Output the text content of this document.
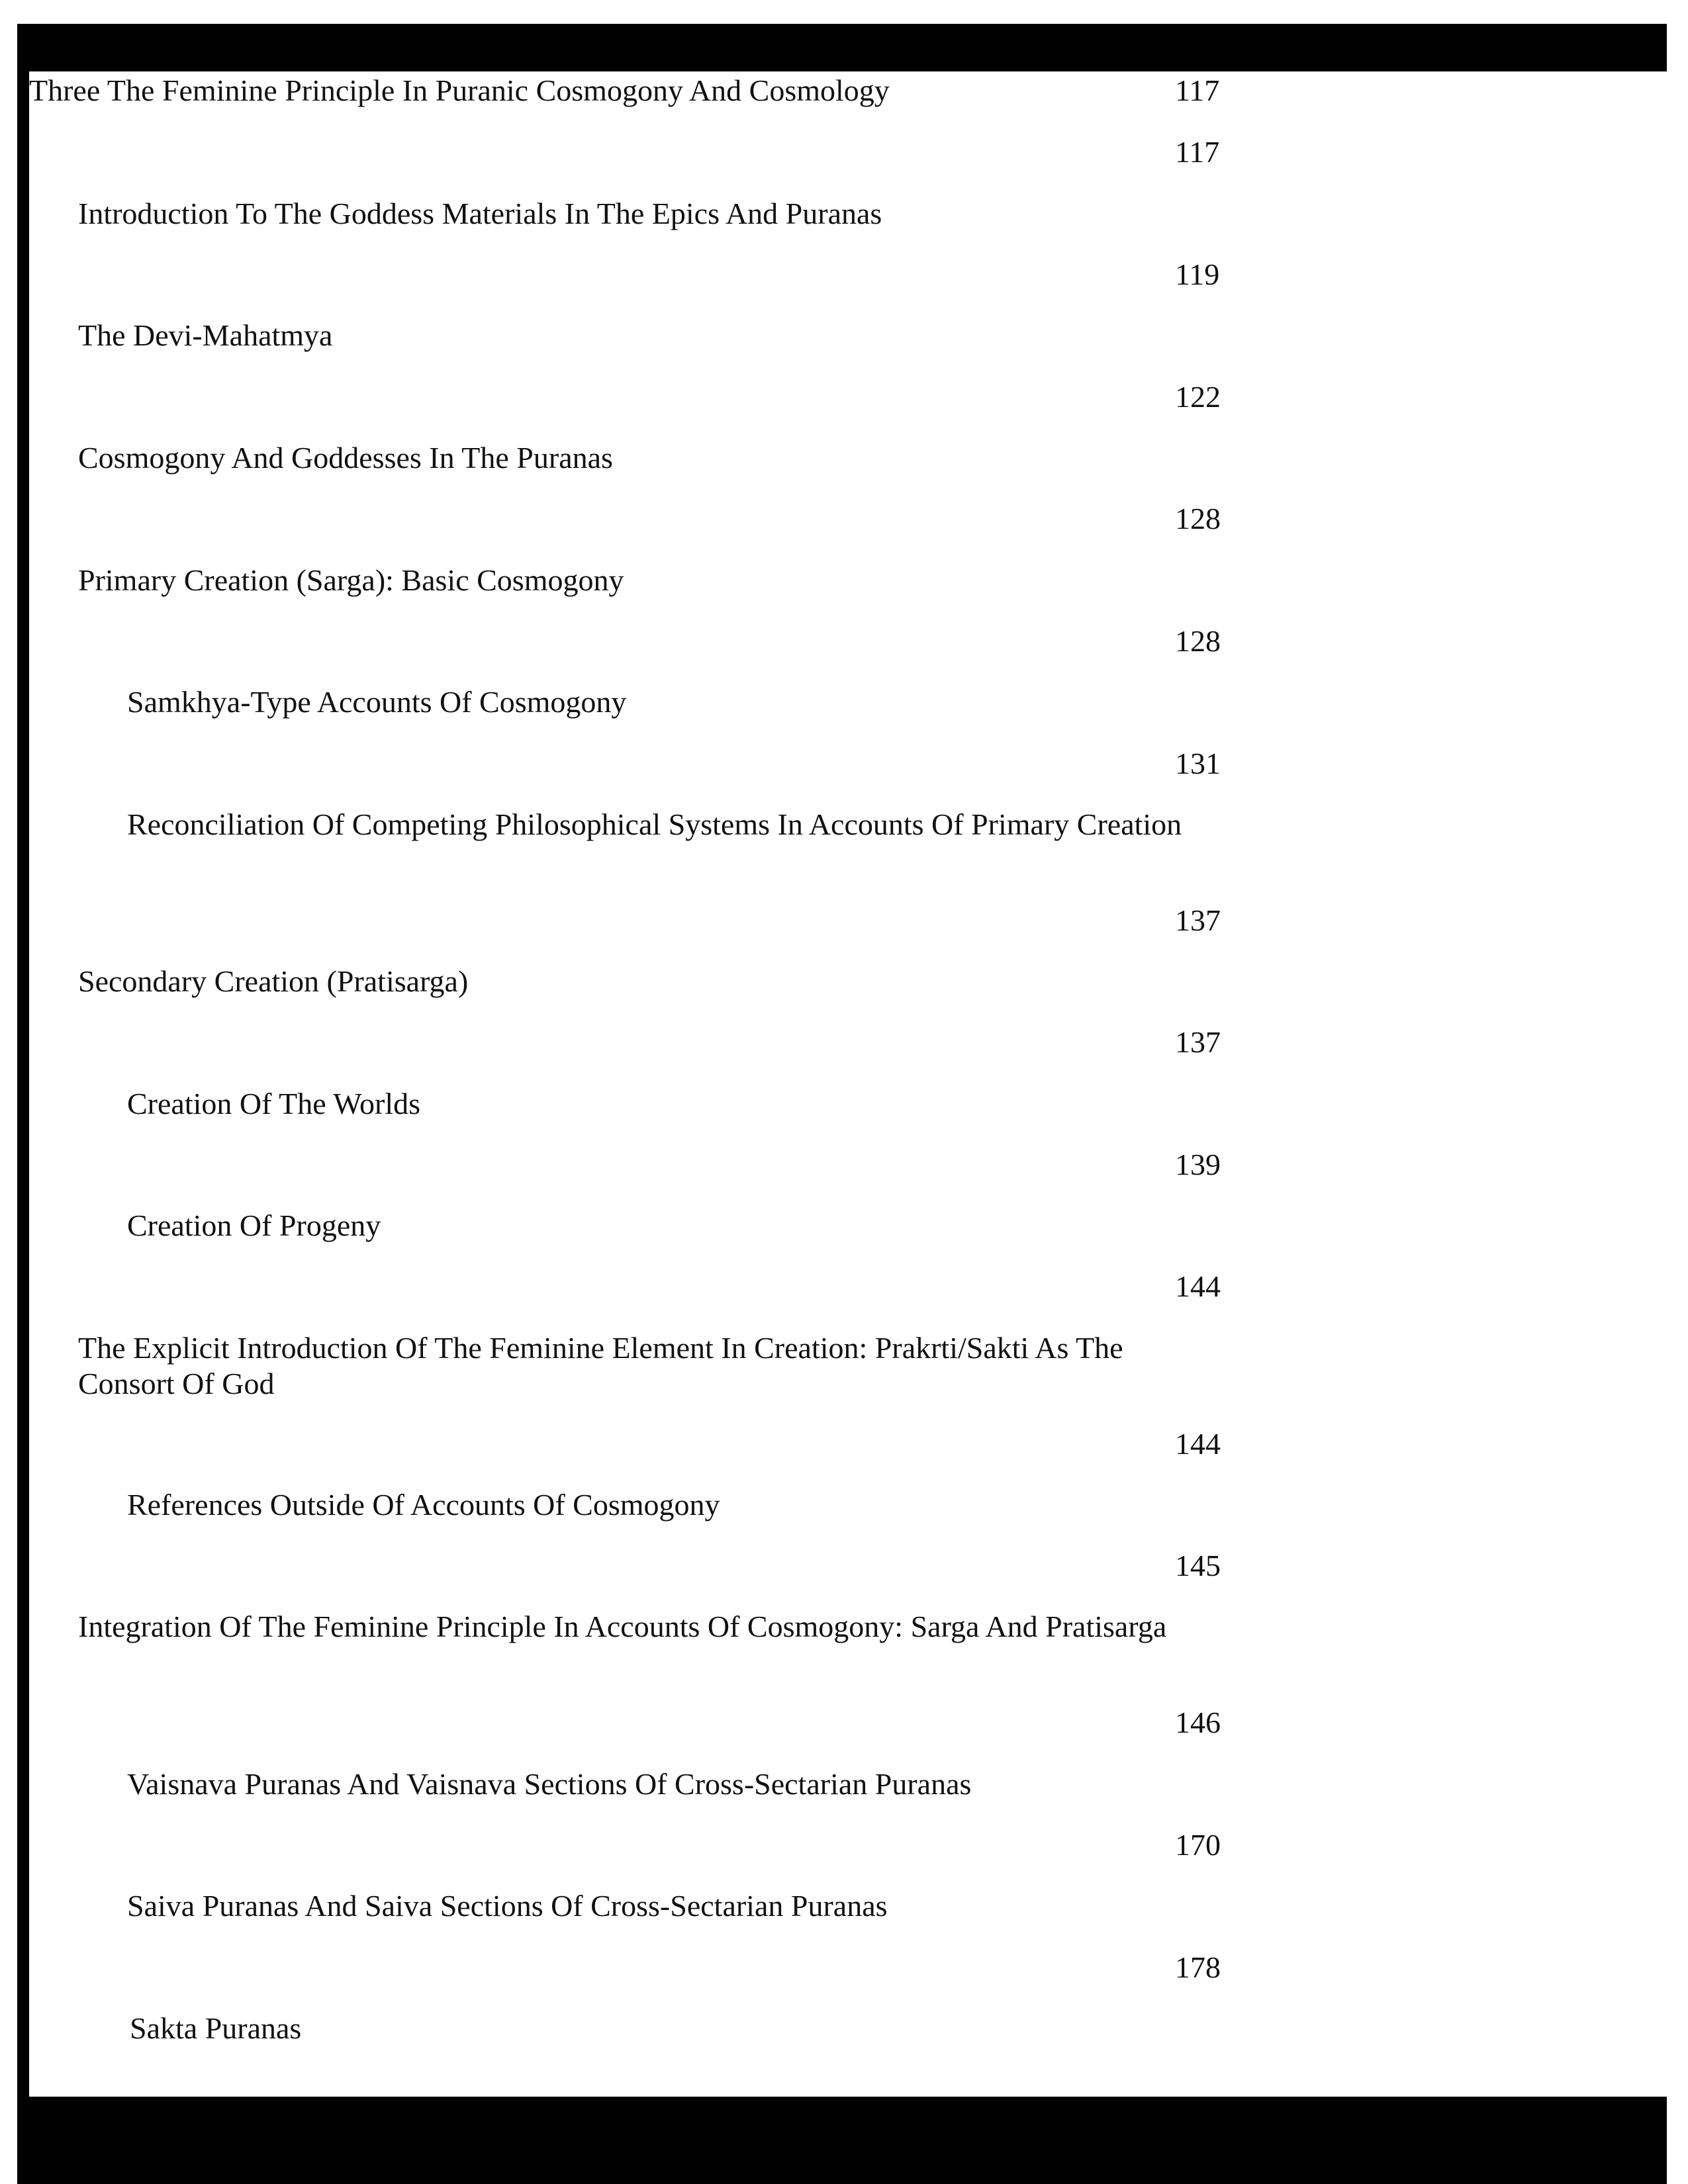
Three The Feminine Principle In Puranic Cosmogony And Cosmology	117
117
Introduction To The Goddess Materials In The Epics And Puranas
119
The Devi-Mahatmya
122
Cosmogony And Goddesses In The Puranas
128
Primary Creation (Sarga): Basic Cosmogony
128
Samkhya-Type Accounts Of Cosmogony
131
Reconciliation Of Competing Philosophical Systems In Accounts Of Primary Creation
137
Secondary Creation (Pratisarga)
137
Creation Of The Worlds
139
Creation Of Progeny
144
The Explicit Introduction Of The Feminine Element In Creation: Prakrti/Sakti As The Consort Of God
144
References Outside Of Accounts Of Cosmogony
145
Integration Of The Feminine Principle In Accounts Of Cosmogony: Sarga And Pratisarga
146
Vaisnava Puranas And Vaisnava Sections Of Cross-Sectarian Puranas
170
Saiva Puranas And Saiva Sections Of Cross-Sectarian Puranas
178
Sakta Puranas
